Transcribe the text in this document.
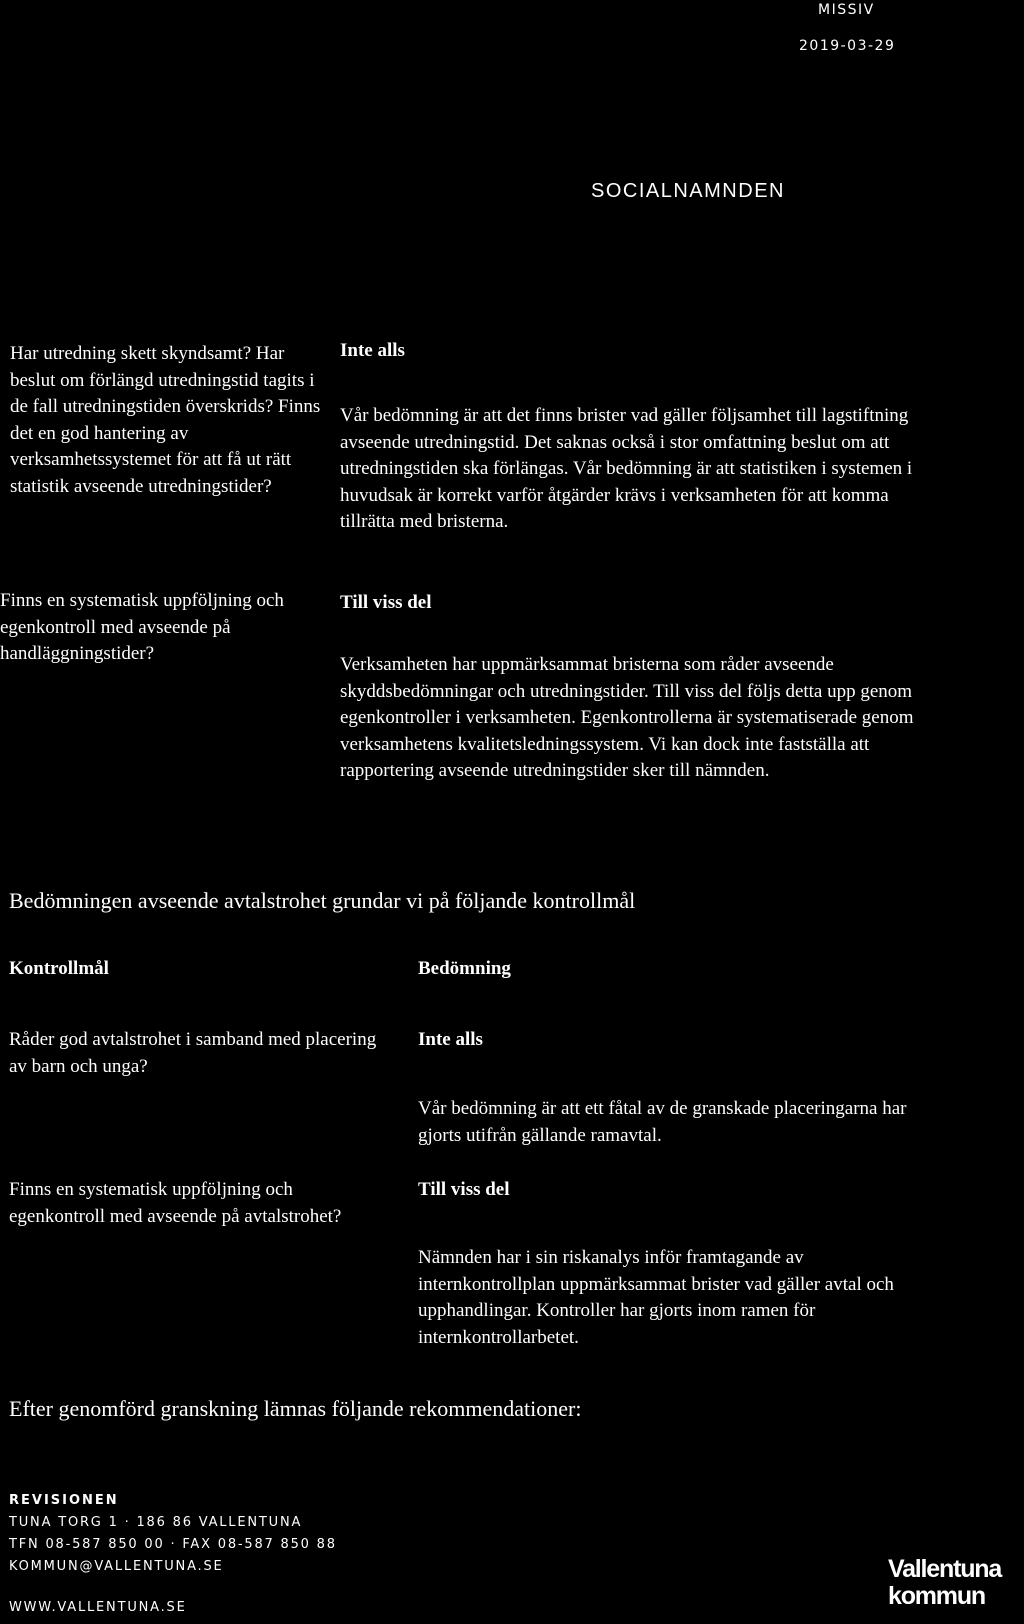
MISSIV

2019-03-29

SOCIALNAMNDEN

Har utredning skett skyndsamt? Har beslut om förlängd utredningstid tagits i de fall utredningstiden överskrids? Finns det en god hantering av verksamhetssystemet för att få ut rätt statistik avseende utredningstider?

Inte alls

Vår bedömning är att det finns brister vad gäller följsamhet till lagstiftning avseende utredningstid. Det saknas också i stor omfattning beslut om att utredningstiden ska förlängas. Vår bedömning är att statistiken i systemen i huvudsak är korrekt varför åtgärder krävs i verksamheten för att komma tillrätta med bristerna.

Finns en systematisk uppföljning och egenkontroll med avseende på handläggningstider?

Till viss del

Verksamheten har uppmärksammat bristerna som råder avseende skyddsbedömningar och utredningstider. Till viss del följs detta upp genom egenkontroller i verksamheten. Egenkontrollerna är systematiserade genom verksamhetens kvalitetsledningssystem. Vi kan dock inte fastställa att rapportering avseende utredningstider sker till nämnden.

Bedömningen avseende avtalstrohet grundar vi på följande kontrollmål

Kontrollmål	Bedömning

Råder god avtalstrohet i samband med placering av barn och unga?

Inte alls

Vår bedömning är att ett fåtal av de granskade placeringarna har gjorts utifrån gällande ramavtal.

Finns en systematisk uppföljning och egenkontroll med avseende på avtalstrohet?

Till viss del

Nämnden har i sin riskanalys inför framtagande av internkontrollplan uppmärksammat brister vad gäller avtal och upphandlingar. Kontroller har gjorts inom ramen för internkontrollarbetet.

Efter genomförd granskning lämnas följande rekommendationer:

REVISIONEN

TUNA TORG 1 · 186 86 VALLENTUNA

TFN 08-587 850 00 · FAX 08-587 850 88

KOMMUN@VALLENTUNA.SE

WWW.VALLENTUNA.SE

Vallentuna
kommun
